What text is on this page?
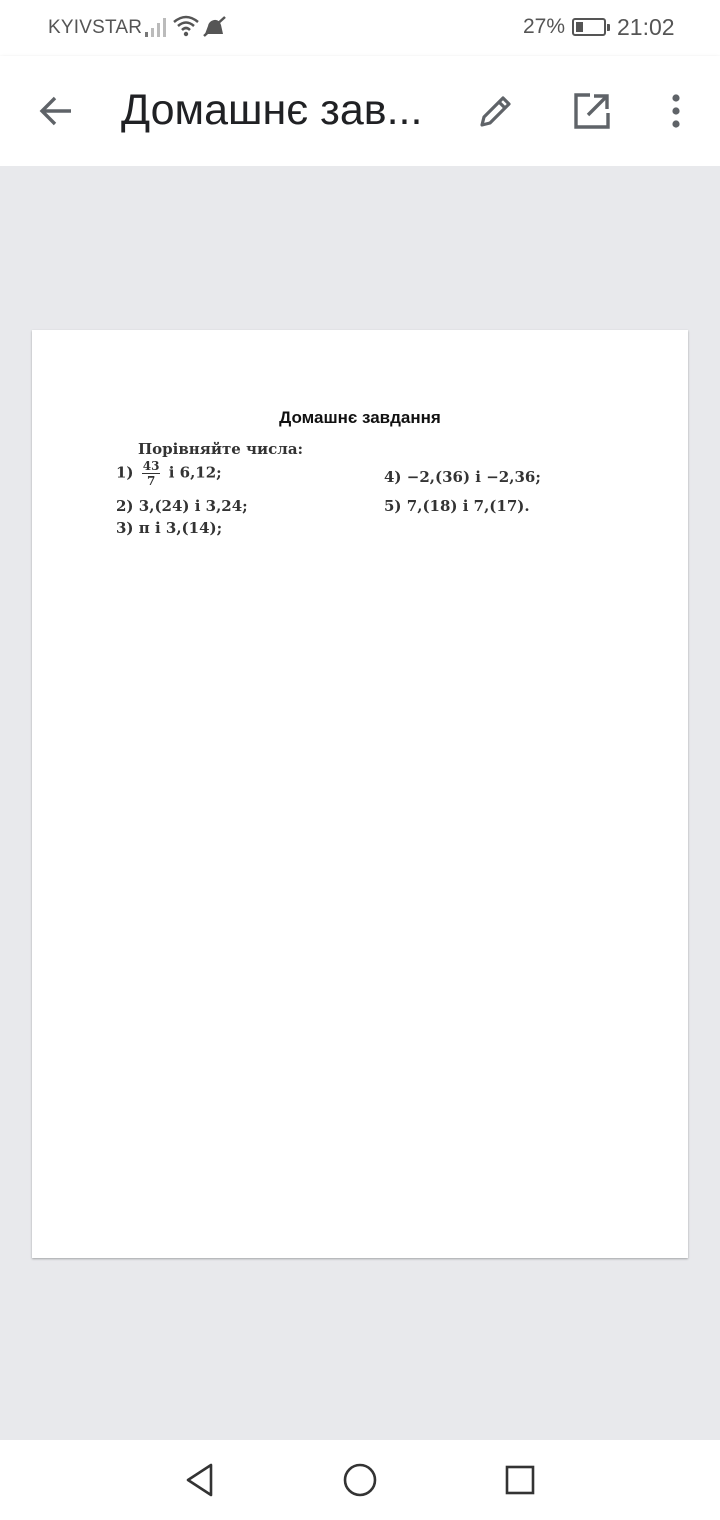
KYIVSTAR	27% 21:02
Домашнє зав...
Домашнє завдання
Порівняйте числа:
$1) \frac{43}{7}$ і 6,12;
2) 3,(24) і 3,24;
3) π і 3,(14);
4) −2,(36) і −2,36;
5) 7,(18) і 7,(17).
